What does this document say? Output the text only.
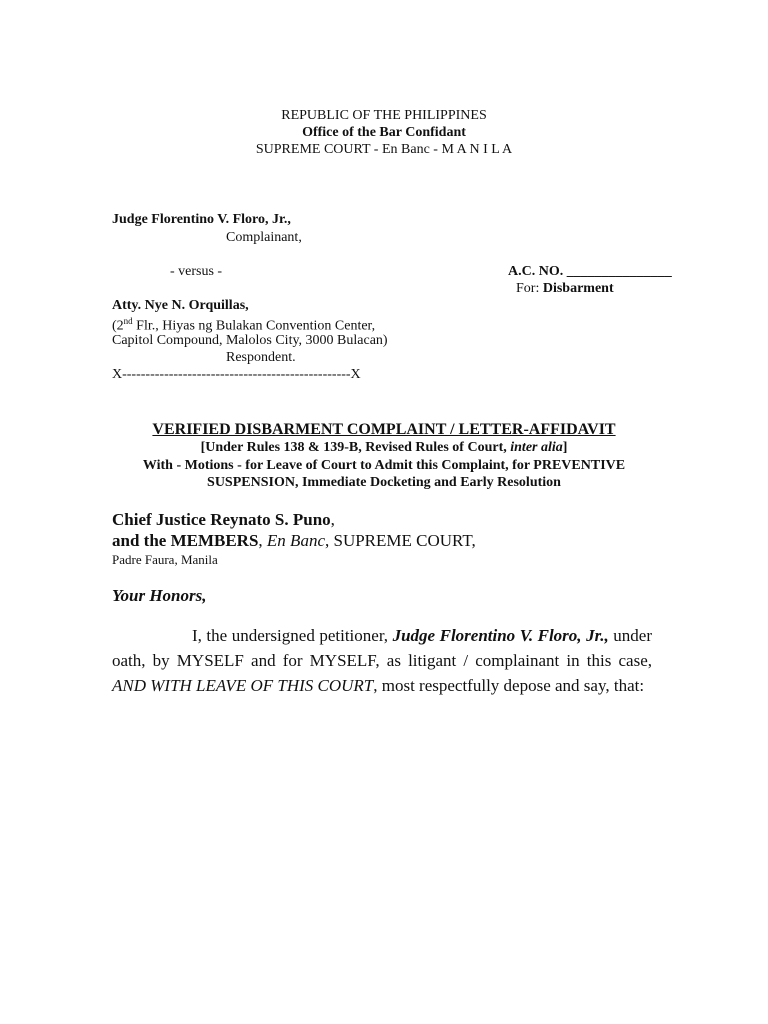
REPUBLIC OF THE PHILIPPINES
Office of the Bar Confidant
SUPREME COURT - En Banc - M A N I L A
Judge Florentino V. Floro, Jr.,
Complainant,
- versus -	A.C. NO. _______________
For: Disbarment
Atty. Nye N. Orquillas,
(2nd Flr., Hiyas ng Bulakan Convention Center,
Capitol Compound, Malolos City, 3000 Bulacan)
Respondent.
X-------------------------------------------------X
VERIFIED DISBARMENT COMPLAINT / LETTER-AFFIDAVIT
[Under Rules 138 & 139-B, Revised Rules of Court, inter alia]
With - Motions - for Leave of Court to Admit this Complaint, for PREVENTIVE
SUSPENSION, Immediate Docketing and Early Resolution
Chief Justice Reynato S. Puno,
and the MEMBERS, En Banc, SUPREME COURT,
Padre Faura, Manila
Your Honors,
I, the undersigned petitioner, Judge Florentino V. Floro, Jr., under
oath, by MYSELF and for MYSELF, as litigant / complainant in this case,
AND WITH LEAVE OF THIS COURT, most respectfully depose and say, that:
